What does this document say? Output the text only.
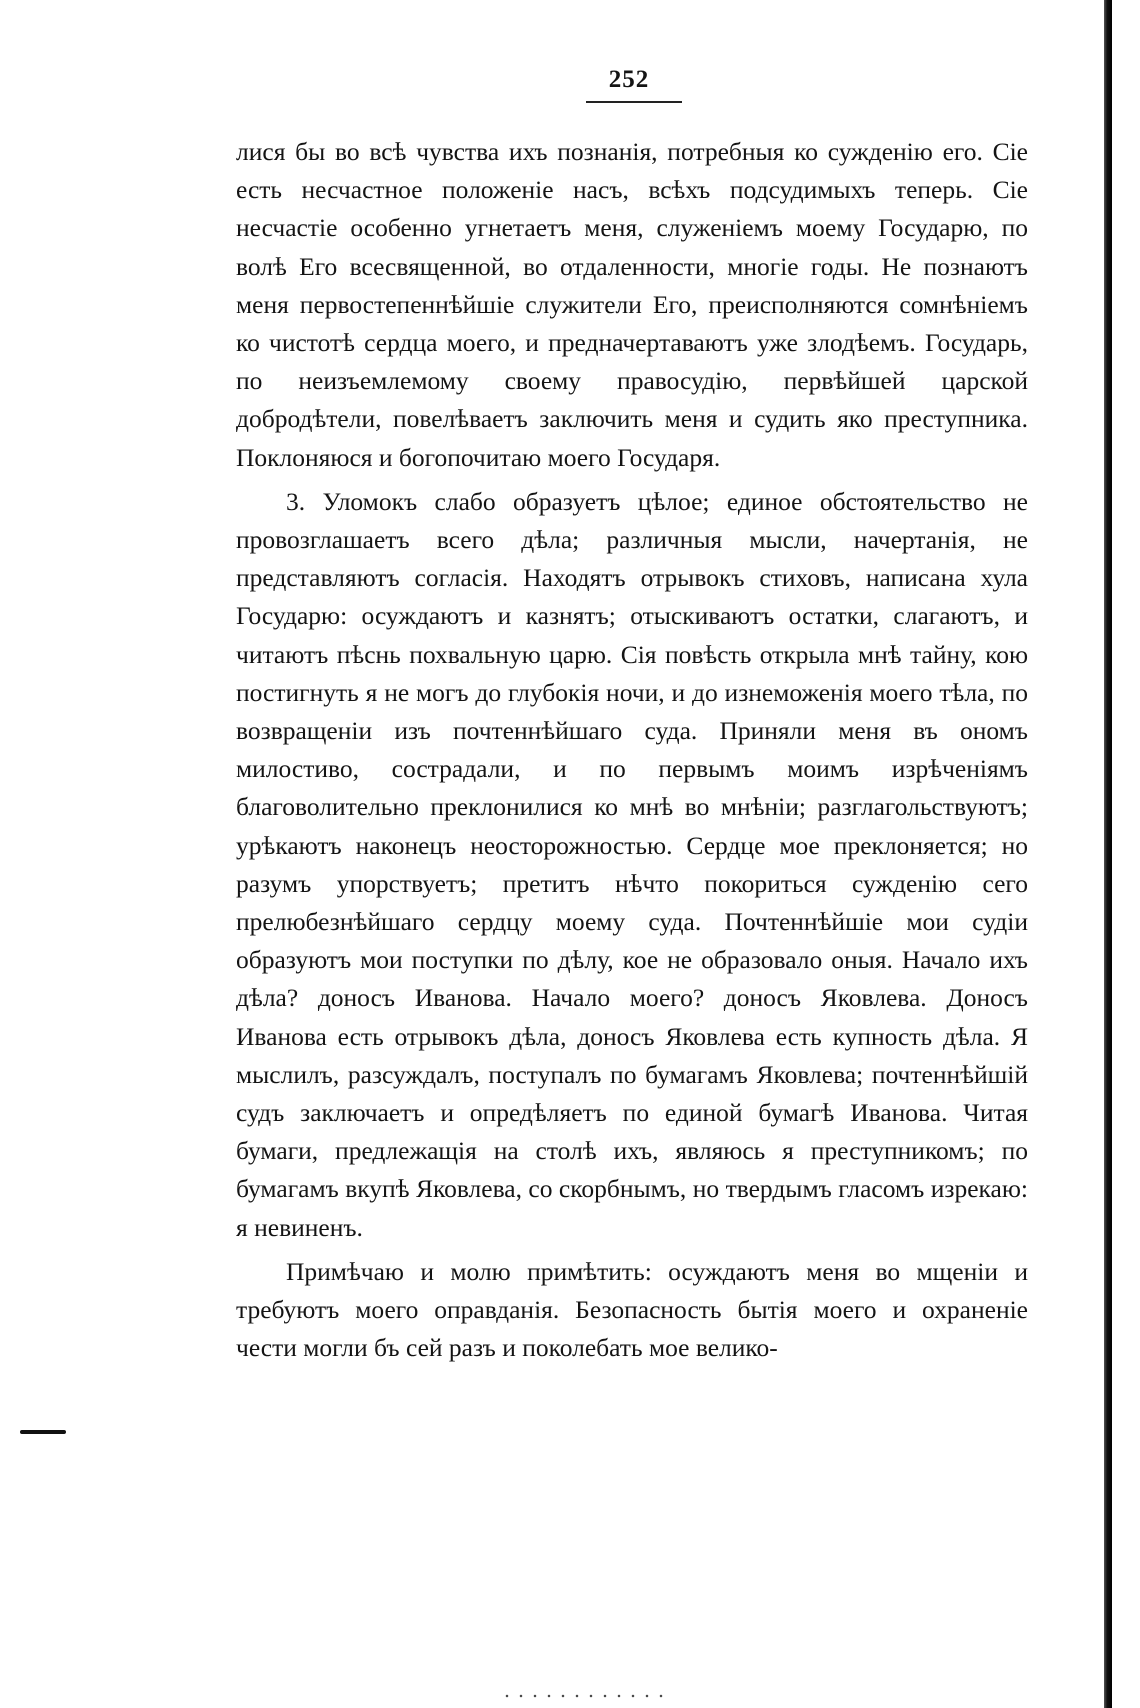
252

лися бы во всѣ чувства ихъ познанія, потребныя ко сужденію его. Сіе есть несчастное положеніе насъ, всѣхъ подсудимыхъ теперь. Сіе несчастіе особенно угнетаетъ меня, служеніемъ моему Государю, по волѣ Его всесвященной, во отдаленности, многіе годы. Не познаютъ меня первостепеннѣйшіе служители Его, преисполняются сомнѣніемъ ко чистотѣ сердца моего, и предначертаваютъ уже злодѣемъ. Государь, по неизъемлемому своему правосудію, первѣйшей царской добродѣтели, повелѣваетъ заключить меня и судить яко преступника. Поклоняюся и богопочитаю моего Государя.

3. Уломокъ слабо образуетъ цѣлое; единое обстоятельство не провозглашаетъ всего дѣла; различныя мысли, начертанія, не представляютъ согласія. Находятъ отрывокъ стиховъ, написана хула Государю: осуждаютъ и казнятъ; отыскиваютъ остатки, слагаютъ, и читаютъ пѣснь похвальную царю. Сія повѣсть открыла мнѣ тайну, кою постигнуть я не могъ до глубокія ночи, и до изнеможенія моего тѣла, по возвращеніи изъ почтеннѣйшаго суда. Приняли меня въ ономъ милостиво, сострадали, и по первымъ моимъ изрѣченіямъ благоволительно преклонилися ко мнѣ во мнѣніи; разглагольствуютъ; урѣкаютъ наконецъ неосторожностью. Сердце мое преклоняется; но разумъ упорствуетъ; претитъ нѣчто покориться сужденію сего прелюбезнѣйшаго сердцу моему суда. Почтеннѣйшіе мои судіи образуютъ мои поступки по дѣлу, кое не образовало оныя. Начало ихъ дѣла? доносъ Иванова. Начало моего? доносъ Яковлева. Доносъ Иванова есть отрывокъ дѣла, доносъ Яковлева есть купность дѣла. Я мыслилъ, разсуждалъ, поступалъ по бумагамъ Яковлева; почтеннѣйшій судъ заключаетъ и опредѣляетъ по единой бумагѣ Иванова. Читая бумаги, предлежащія на столѣ ихъ, являюсь я преступникомъ; по бумагамъ вкупѣ Яковлева, со скорбнымъ, но твердымъ гласомъ изрекаю: я невиненъ.

Примѣчаю и молю примѣтить: осуждаютъ меня во мщеніи и требуютъ моего оправданія. Безопасность бытія моего и охраненіе чести могли бъ сей разъ и поколебать мое велико-
